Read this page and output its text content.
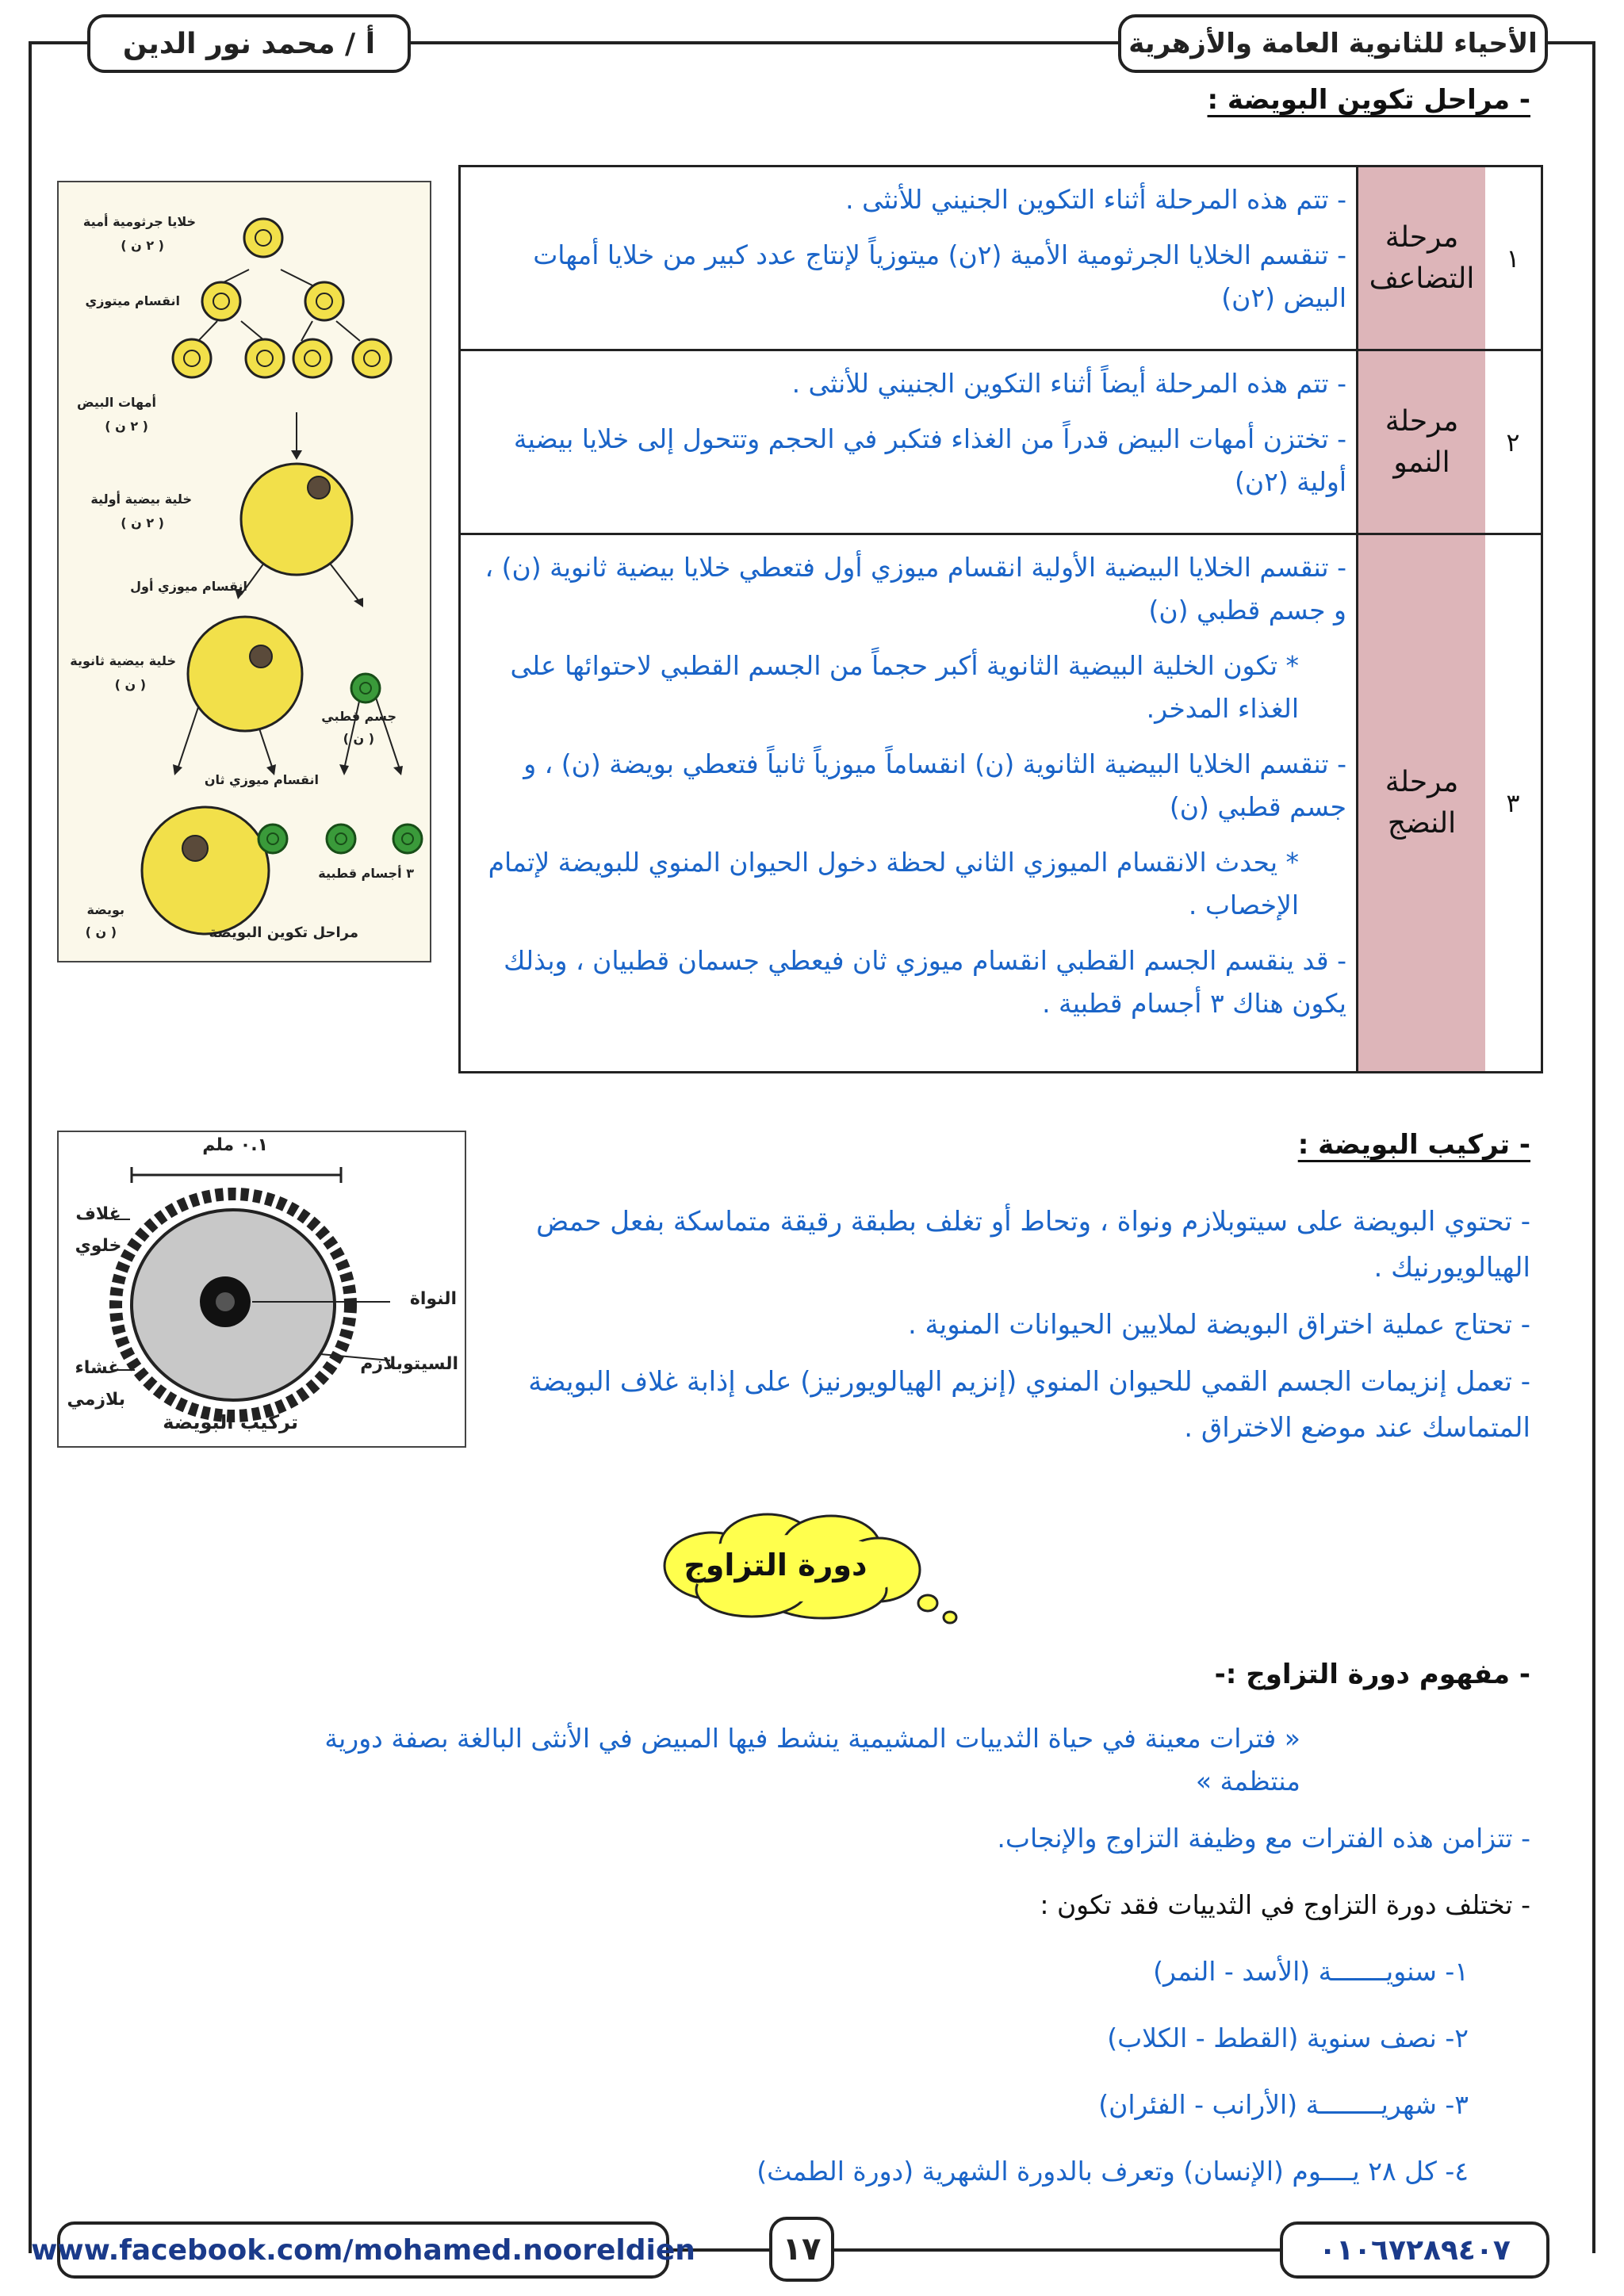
أ / محمد نور الدين	الأحياء للثانوية العامة والأزهرية
- مراحل تكوين البويضة :
١
مرحلة التضاعف

- تتم هذه المرحلة أثناء التكوين الجنيني للأنثى .

- تنقسم الخلايا الجرثومية الأمية (٢ن) ميتوزياً لإنتاج عدد كبير من خلايا أمهات البيض (٢ن)

٢
مرحلة النمو

- تتم هذه المرحلة أيضاً أثناء التكوين الجنيني للأنثى .

- تختزن أمهات البيض قدراً من الغذاء فتكبر في الحجم وتتحول إلى خلايا بيضية أولية (٢ن)

٣
مرحلة النضج

- تنقسم الخلايا البيضية الأولية انقسام ميوزي أول فتعطي خلايا بيضية ثانوية (ن) ، و جسم قطبي (ن)

* تكون الخلية البيضية الثانوية أكبر حجماً من الجسم القطبي لاحتوائها على الغذاء المدخر.

- تنقسم الخلايا البيضية الثانوية (ن) انقساماً ميوزياً ثانياً فتعطي بويضة (ن) ، و جسم قطبي (ن)

* يحدث الانقسام الميوزي الثاني لحظة دخول الحيوان المنوي للبويضة لإتمام الإخصاب .

- قد ينقسم الجسم القطبي انقسام ميوزي ثان فيعطي جسمان قطبيان ، وبذلك يكون هناك ٣ أجسام قطبية .

خلايا جرثومية أمية
( ٢ ن )
انقسام ميتوزي
أمهات البيض
( ٢ ن )
خلية بيضية أولية
( ٢ ن )
انقسام ميوزي أول
خلية بيضية ثانوية
( ن )
جسم قطبي
( ن )
انقسام ميوزي ثان
٣ أجسام قطبية
بويضة
( ن )	مراحل تكوين البويضة
- تركيب البويضة :

- تحتوي البويضة على سيتوبلازم ونواة ، وتحاط أو تغلف بطبقة رقيقة متماسكة بفعل حمض الهيالويورنيك .

- تحتاج عملية اختراق البويضة لملايين الحيوانات المنوية .

- تعمل إنزيمات الجسم القمي للحيوان المنوي (إنزيم الهيالويورنيز) على إذابة غلاف البويضة المتماسك عند موضع الاختراق .

٠.١ ملم
غلاف خلوي
النواة
السيتوبلازم
غشاء بلازمي
تركيب البويضة
دورة التزاوج
- مفهوم دورة التزاوج :-
« فترات معينة في حياة الثدييات المشيمية ينشط فيها المبيض في الأنثى البالغة بصفة دورية منتظمة »
- تتزامن هذه الفترات مع وظيفة التزاوج والإنجاب.
- تختلف دورة التزاوج في الثدييات فقد تكون :
١- سنويـــــــة (الأسد - النمر)
٢- نصف سنوية (القطط - الكلاب)
٣- شهريــــــــة (الأرانب - الفئران)
٤- كل ٢٨ يــــوم (الإنسان) وتعرف بالدورة الشهرية (دورة الطمث)
www.facebook.com/mohamed.nooreldien	١٧	٠١٠٦٧٢٨٩٤٠٧
